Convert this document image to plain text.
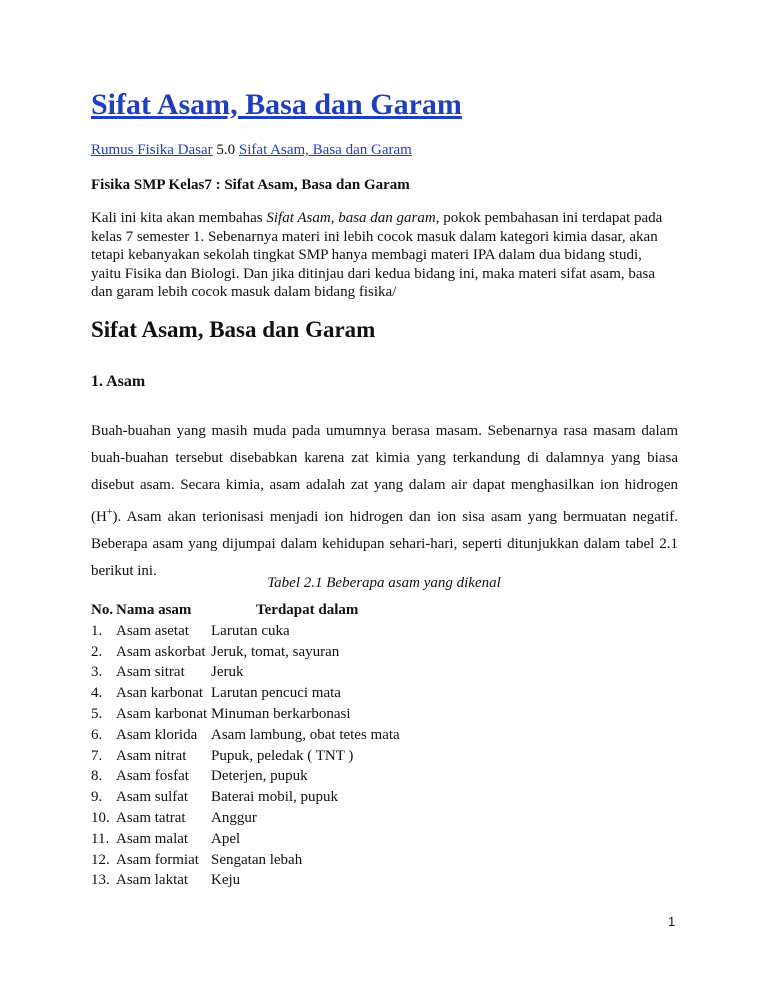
Sifat Asam, Basa dan Garam
Rumus Fisika Dasar 5.0 Sifat Asam, Basa dan Garam
Fisika SMP Kelas7 : Sifat Asam, Basa dan Garam
Kali ini kita akan membahas Sifat Asam, basa dan garam, pokok pembahasan ini terdapat pada
kelas 7 semester 1. Sebenarnya materi ini lebih cocok masuk dalam kategori kimia dasar, akan
tetapi kebanyakan sekolah tingkat SMP hanya membagi materi IPA dalam dua bidang studi,
yaitu Fisika dan Biologi. Dan jika ditinjau dari kedua bidang ini, maka materi sifat asam, basa
dan garam lebih cocok masuk dalam bidang fisika/
Sifat Asam, Basa dan Garam
1. Asam
Buah-buahan yang masih muda pada umumnya berasa masam. Sebenarnya rasa masam dalam
buah-buahan tersebut disebabkan karena zat kimia yang terkandung di dalamnya yang biasa
disebut asam. Secara kimia, asam adalah zat yang dalam air dapat menghasilkan ion hidrogen
(H+). Asam akan terionisasi menjadi ion hidrogen dan ion sisa asam yang bermuatan negatif.
Beberapa asam yang dijumpai dalam kehidupan sehari-hari, seperti ditunjukkan dalam tabel 2.1
berikut ini.
Tabel 2.1 Beberapa asam yang dikenal
No. Nama asam	Terdapat dalam
1. Asam asetat Larutan cuka
2. Asam askorbat Jeruk, tomat, sayuran
3. Asam sitrat Jeruk
4. Asan karbonat Larutan pencuci mata
5. Asam karbonat Minuman berkarbonasi
6. Asam klorida Asam lambung, obat tetes mata
7. Asam nitrat Pupuk, peledak ( TNT )
8. Asam fosfat Deterjen, pupuk
9. Asam sulfat Baterai mobil, pupuk
10. Asam tatrat Anggur
11. Asam malat Apel
12. Asam formiat Sengatan lebah
13. Asam laktat Keju
1
